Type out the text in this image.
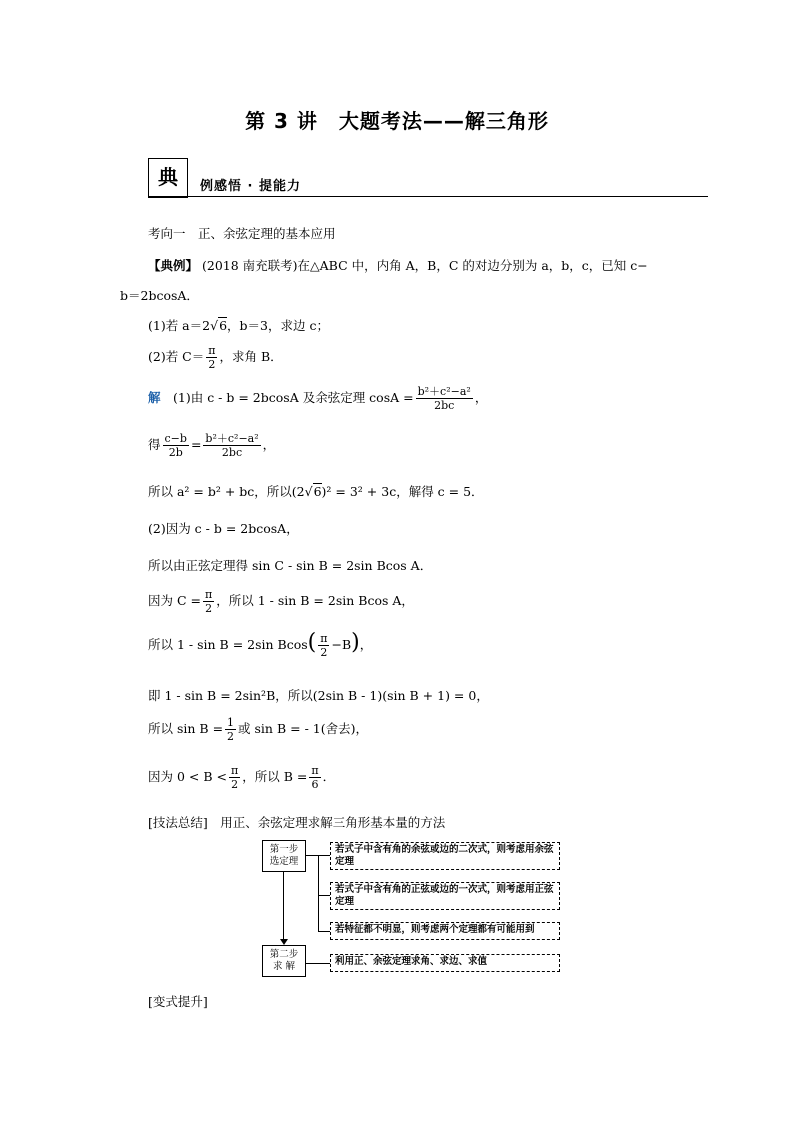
第 3 讲　大题考法——解三角形
典	例感悟 · 提能力
考向一　正、余弦定理的基本应用
【典例】 (2018 南充联考)在△ABC 中，内角 A，B，C 的对边分别为 a，b，c，已知 c−
b＝2bcosA．
(1)若 a＝2√6，b＝3，求边 c；
(2)若 $C= \frac{\pi}{2}$ ，求角 B．
解　 (1)由 c - b = 2bcosA 及余弦定理 $\cos A = \frac{\text{b²＋c²−a²}}{2bc}$ ，
得 $\frac{c-b}{2b} = \frac{\text{b²＋c²−a²}}{2bc}$ ，
所以 a² = b² + bc，所以(2√6)² = 3² + 3c，解得 c = 5．
(2)因为 c - b = 2bcosA，
所以由正弦定理得 sin C - sin B = 2sin Bcos A．
因为 $C = \frac{\pi}{2}$ ，所以 1 - sin B = 2sin Bcos A，
所以 1 - sin B = 2sin $Bcos( \frac{\pi}{2} -B)$，
即 1 - sin B = 2sin²B，所以(2sin B - 1)(sin B + 1) = 0，
所以 $\sin B = \frac{1}{2}$ 或 sin B = - 1(舍去)，
因为 $0 < B < \frac{\pi}{2}$ ，所以 $B = \frac{\pi}{6}$ ．
[技法总结]　 用正、余弦定理求解三角形基本量的方法
第一步
选定理
第二步
求 解
若式子中含有角的余弦或边的二次式，则考虑用余弦定理
若式子中含有角的正弦或边的一次式，则考虑用正弦定理
若特征都不明显，则考虑两个定理都有可能用到
利用正、余弦定理求角、求边、求值
[变式提升]
